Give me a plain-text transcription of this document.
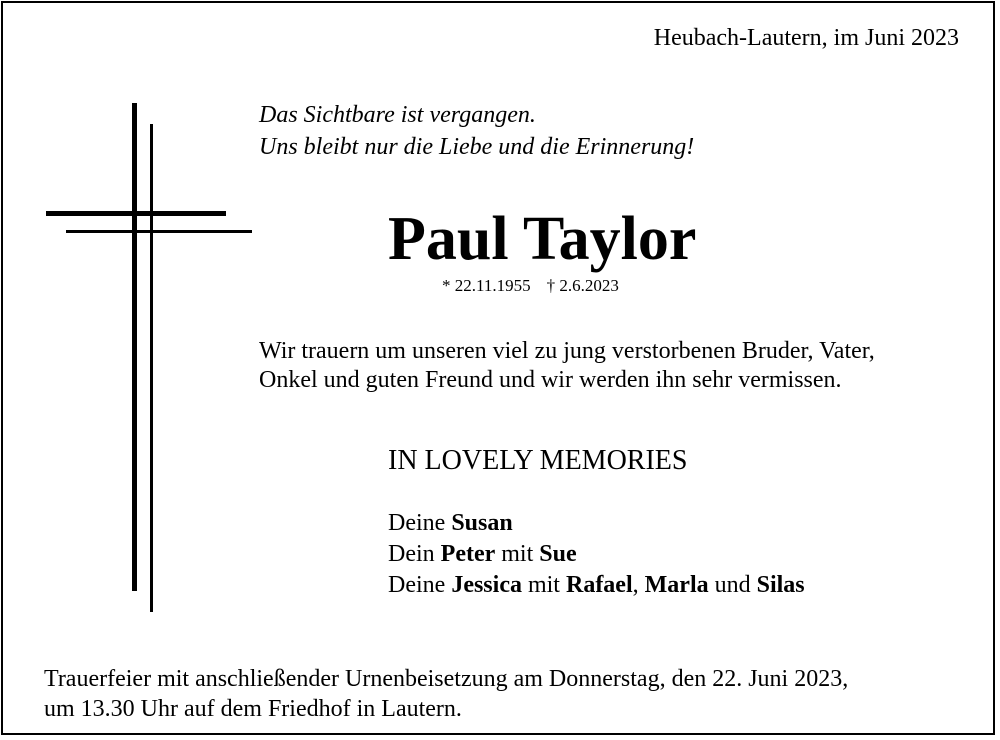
Heubach-Lautern, im Juni 2023
Das Sichtbare ist vergangen.
Uns bleibt nur die Liebe und die Erinnerung!
Paul Taylor
* 22.11.1955 † 2.6.2023
Wir trauern um unseren viel zu jung verstorbenen Bruder, Vater,
Onkel und guten Freund und wir werden ihn sehr vermissen.
IN LOVELY MEMORIES
Deine Susan
Dein Peter mit Sue
Deine Jessica mit Rafael, Marla und Silas
Trauerfeier mit anschließender Urnenbeisetzung am Donnerstag, den 22. Juni 2023,
um 13.30 Uhr auf dem Friedhof in Lautern.
